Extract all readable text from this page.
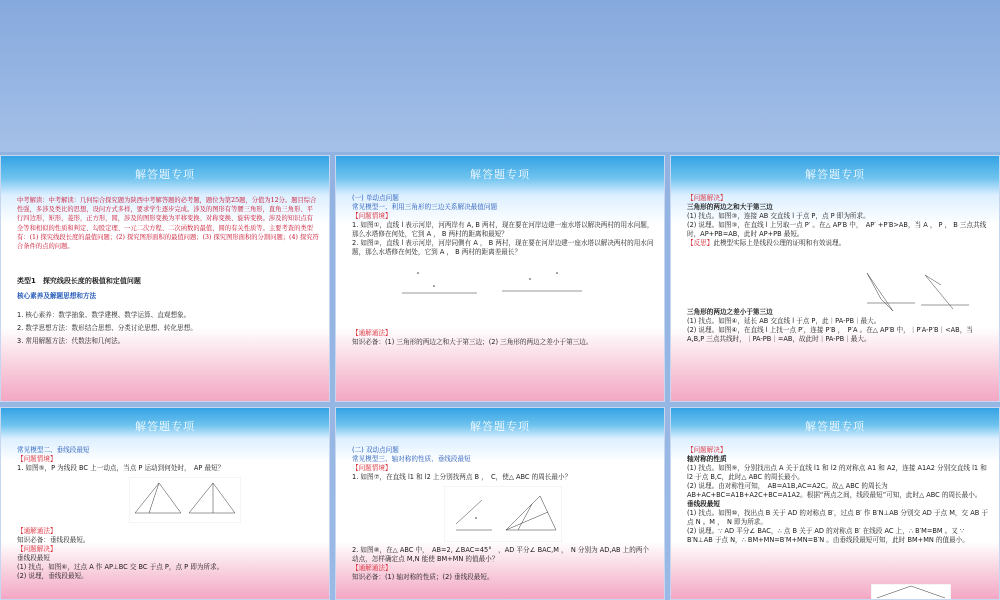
解答题专项

中考解读：中考解读：几何综合探究题为陕西中考解答题的必考题，题位为第25题，分值为12分。题目综合性强，多涉及类比的思想，设问方式多样，要求学生逐步完成。涉及的图形有等腰三角形，直角三角形、平行四边形，矩形，菱形，正方形，圆，涉及的图形变换为平移变换、对称变换、旋转变换。涉及的知识点有全等和相似的性质和判定、勾股定理、一元二次方程、二次函数的最值，圆的有关性质等。主要考查的类型有：(1) 探究线段长度的最值问题；(2) 探究图形面积的最值问题；(3) 探究图形面积的分割问题；(4) 探究符合条件的点的问题。

类型1　探究线段长度的极值和定值问题

核心素养及解题思想和方法

1. 核心素养：数学抽象、数学建模、数学运算、直观想象。

2. 数学思想方法：数形结合思想、分类讨论思想、转化思想。

3. 常用解题方法：代数法和几何法。

解答题专项

(一) 单动点问题

常见模型一、利用三角形的三边关系解决最值问题

【问题情境】

1. 如图①，直线 l 表示河岸，河两岸有 A, B 两村，现在要在河岸边建一座水塔以解决两村的用水问题，那么水塔修在何处，它到 A ， B 两村的距离和最短？

2. 如图②，直线 l 表示河岸，河岸同侧有 A ， B 两村，现在要在河岸边建一座水塔以解决两村的用水问题，那么水塔修在何处，它到 A ， B 两村的距离差最长？

【通解通法】

知识必备：(1) 三角形的两边之和大于第三边；(2) 三角形的两边之差小于第三边。

解答题专项

【问题解决】

三角形的两边之和大于第三边

(1) 找点。如图③，连接 AB 交直线 l 于点 P，点 P 即为所求。

(2) 说理。如图③，在直线 l 上另取一点 P′ 。在△ AP′B 中，　AP′ +P′B>AB，当 A ， P ， B 三点共线时，AP+PB=AB，此时 AP+PB 最短。

【反思】此模型实际上是线段公理的证明和有效说理。

三角形的两边之差小于第三边

(1) 找点。如图④，延长 AB 交直线 l 于点 P，此｜PA-PB｜最大。

(2) 说理。如图④，在直线 l 上找一点 P′，连接 P′B ，　P′A 。在△ AP′B 中，｜P′A-P′B｜<AB，当 A,B,P 三点共线时，｜PA-PB｜=AB，故此时｜PA-PB｜最大。

解答题专项

常见模型二、垂线段最短

【问题情境】

1. 如图⑤，P 为线段 BC 上一动点，当点 P 运动到何处时，　AP 最短？

【通解通法】

知识必备：垂线段最短。

【问题解决】

垂线段最短

(1) 找点，如图⑥，过点 A 作 AP⊥BC 交 BC 于点 P，点 P 即为所求。

(2) 说理，垂线段最短。

解答题专项

(二) 双动点问题

常见模型三、轴对称的性质、垂线段最短

【问题情境】

1. 如图⑦，在直线 l1 和 l2 上分别找两点 B ，　C，使△ ABC 的周长最小？

2. 如图⑧，在△ ABC 中，　AB=2, ∠BAC=45°　，AD 平分∠ BAC,M ，　N 分别为 AD,AB 上的两个动点，怎样确定点 M,N 能使 BM+MN 的值最小？

【通解通法】

知识必备：(1) 轴对称的性质；(2) 垂线段最短。

解答题专项

【问题解决】

轴对称的性质

(1) 找点。如图⑨，分别找出点 A 关于直线 l1 和 l2 的对称点 A1 和 A2，连接 A1A2 分别交直线 l1 和 l2 于点 B,C，此时△ ABC 的周长最小。

(2) 说理。由对称性可知，　AB=A1B,AC=A2C。故△ ABC 的周长为 AB+AC+BC=A1B+A2C+BC=A1A2。根据“两点之间，线段最短”可知，此时△ ABC 的周长最小。

垂线段最短

(1) 找点。如图⑩，找出点 B 关于 AD 的对称点 B′，过点 B′ 作 B′N⊥AB 分别交 AD 于点 M，交 AB 于点 N 。M ，　N 即为所求。

(2) 说理。∵ AD 平分∠ BAC，∴ 点 B 关于 AD 的对称点 B′ 在线段 AC 上，∴ B′M=BM 。又 ∵ B′N⊥AB 于点 N，∴ BM+MN=B′M+MN=B′N 。由垂线段最短可知，此时 BM+MN 的值最小。
